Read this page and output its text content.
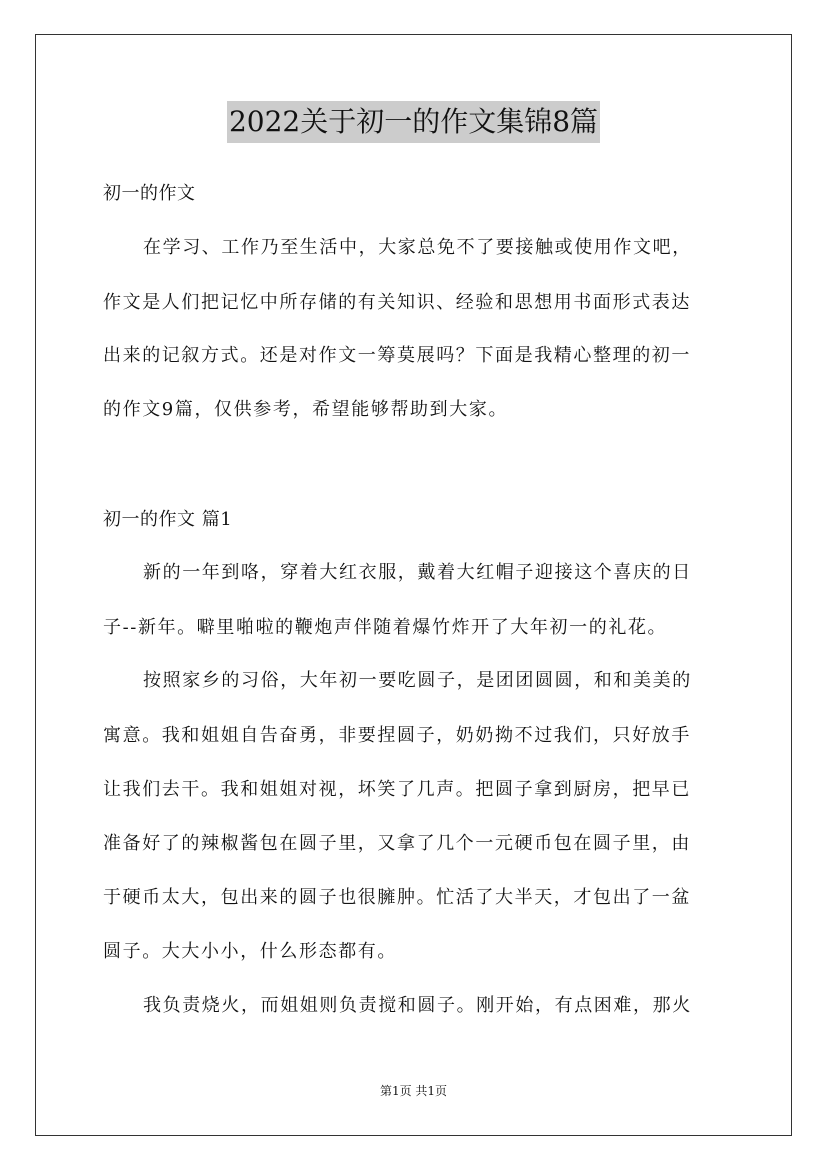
2022关于初一的作文集锦8篇
初一的作文
在学习、工作乃至生活中，大家总免不了要接触或使用作文吧，
作文是人们把记忆中所存储的有关知识、经验和思想用书面形式表达
出来的记叙方式。还是对作文一筹莫展吗？下面是我精心整理的初一
的作文9篇，仅供参考，希望能够帮助到大家。
初一的作文 篇1
新的一年到咯，穿着大红衣服，戴着大红帽子迎接这个喜庆的日
子--新年。噼里啪啦的鞭炮声伴随着爆竹炸开了大年初一的礼花。
按照家乡的习俗，大年初一要吃圆子，是团团圆圆，和和美美的
寓意。我和姐姐自告奋勇，非要捏圆子，奶奶拗不过我们，只好放手
让我们去干。我和姐姐对视，坏笑了几声。把圆子拿到厨房，把早已
准备好了的辣椒酱包在圆子里，又拿了几个一元硬币包在圆子里，由
于硬币太大，包出来的圆子也很臃肿。忙活了大半天，才包出了一盆
圆子。大大小小，什么形态都有。
我负责烧火，而姐姐则负责搅和圆子。刚开始，有点困难，那火
第1页 共1页
